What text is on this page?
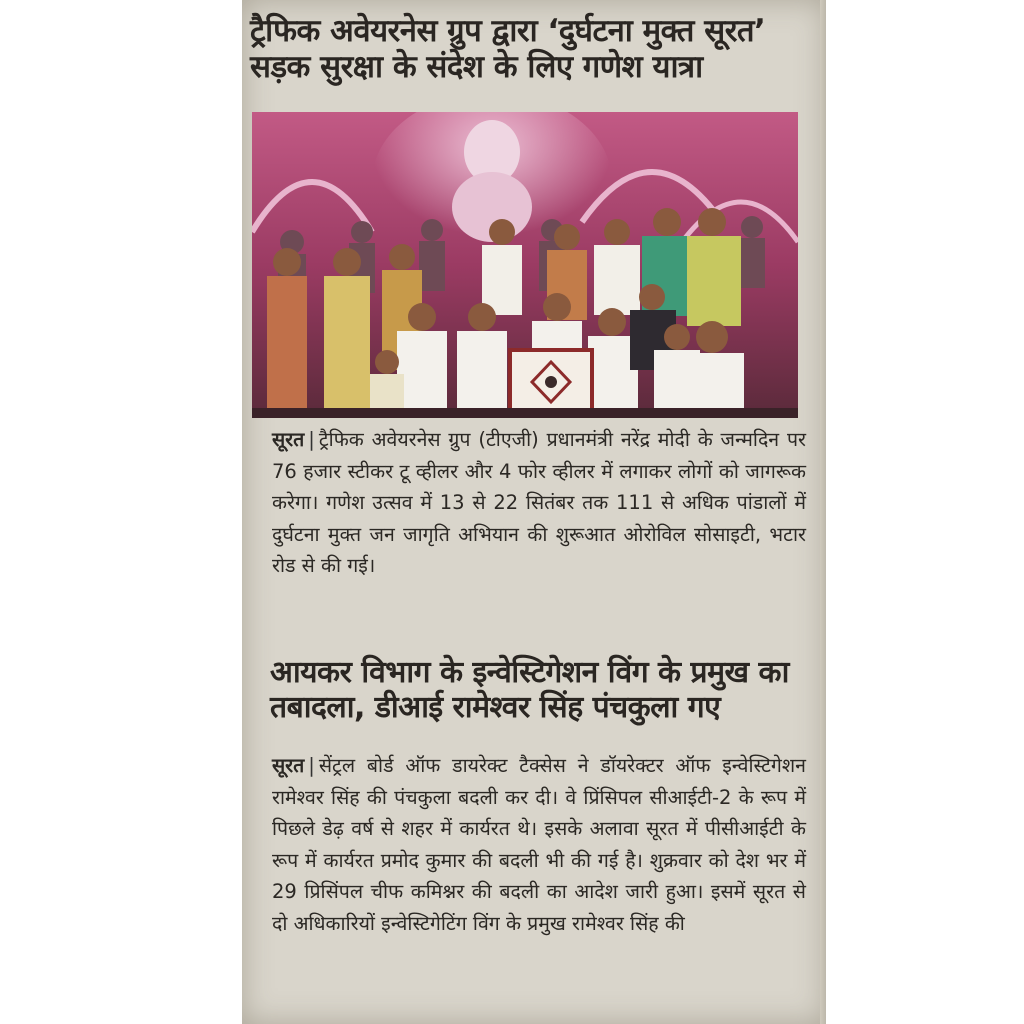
ट्रैफिक अवेयरनेस ग्रुप द्वारा ‘दुर्घटना मुक्त सूरत’ सड़क सुरक्षा के संदेश के लिए गणेश यात्रा
सूरत | ट्रैफिक अवेयरनेस ग्रुप (टीएजी) प्रधानमंत्री नरेंद्र मोदी के जन्मदिन पर 76 हजार स्टीकर टू व्हीलर और 4 फोर व्हीलर में लगाकर लोगों को जागरूक करेगा। गणेश उत्सव में 13 से 22 सितंबर तक 111 से अधिक पांडालों में दुर्घटना मुक्त जन जागृति अभियान की शुरूआत ओरोविल सोसाइटी, भटार रोड से की गई।
आयकर विभाग के इन्वेस्टिगेशन विंग के प्रमुख का तबादला, डीआई रामेश्वर सिंह पंचकुला गए
सूरत | सेंट्रल बोर्ड ऑफ डायरेक्ट टैक्सेस ने डॉयरेक्टर ऑफ इन्वेस्टिगेशन रामेश्वर सिंह की पंचकुला बदली कर दी। वे प्रिंसिपल सीआईटी-2 के रूप में पिछले डेढ़ वर्ष से शहर में कार्यरत थे। इसके अलावा सूरत में पीसीआईटी के रूप में कार्यरत प्रमोद कुमार की बदली भी की गई है। शुक्रवार को देश भर में 29 प्रिसिंपल चीफ कमिश्नर की बदली का आदेश जारी हुआ। इसमें सूरत से दो अधिकारियों इन्वेस्टिगेटिंग विंग के प्रमुख रामेश्वर सिंह की
